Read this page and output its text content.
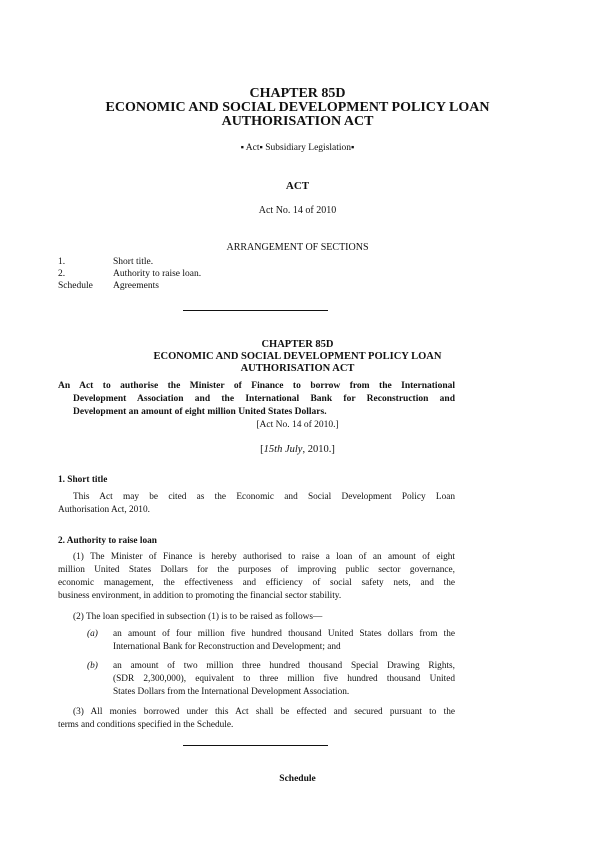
CHAPTER 85D
ECONOMIC AND SOCIAL DEVELOPMENT POLICY LOAN
AUTHORISATION ACT
▪ Act▪ Subsidiary Legislation▪
ACT
Act No. 14 of 2010
ARRANGEMENT OF SECTIONS
1.	Short title.
2.	Authority to raise loan.
Schedule Agreements
CHAPTER 85D
ECONOMIC AND SOCIAL DEVELOPMENT POLICY LOAN
AUTHORISATION ACT
An Act to authorise the Minister of Finance to borrow from the International
Development Association and the International Bank for Reconstruction and
Development an amount of eight million United States Dollars.
[Act No. 14 of 2010.]
[15th July, 2010.]
1. Short title
This Act may be cited as the Economic and Social Development Policy Loan
Authorisation Act, 2010.
2. Authority to raise loan
(1) The Minister of Finance is hereby authorised to raise a loan of an amount of eight
million United States Dollars for the purposes of improving public sector governance,
economic management, the effectiveness and efficiency of social safety nets, and the
business environment, in addition to promoting the financial sector stability.
(2) The loan specified in subsection (1) is to be raised as follows—
(a) an amount of four million five hundred thousand United States dollars from the
International Bank for Reconstruction and Development; and
(b) an amount of two million three hundred thousand Special Drawing Rights,
(SDR 2,300,000), equivalent to three million five hundred thousand United
States Dollars from the International Development Association.
(3) All monies borrowed under this Act shall be effected and secured pursuant to the
terms and conditions specified in the Schedule.
Schedule
